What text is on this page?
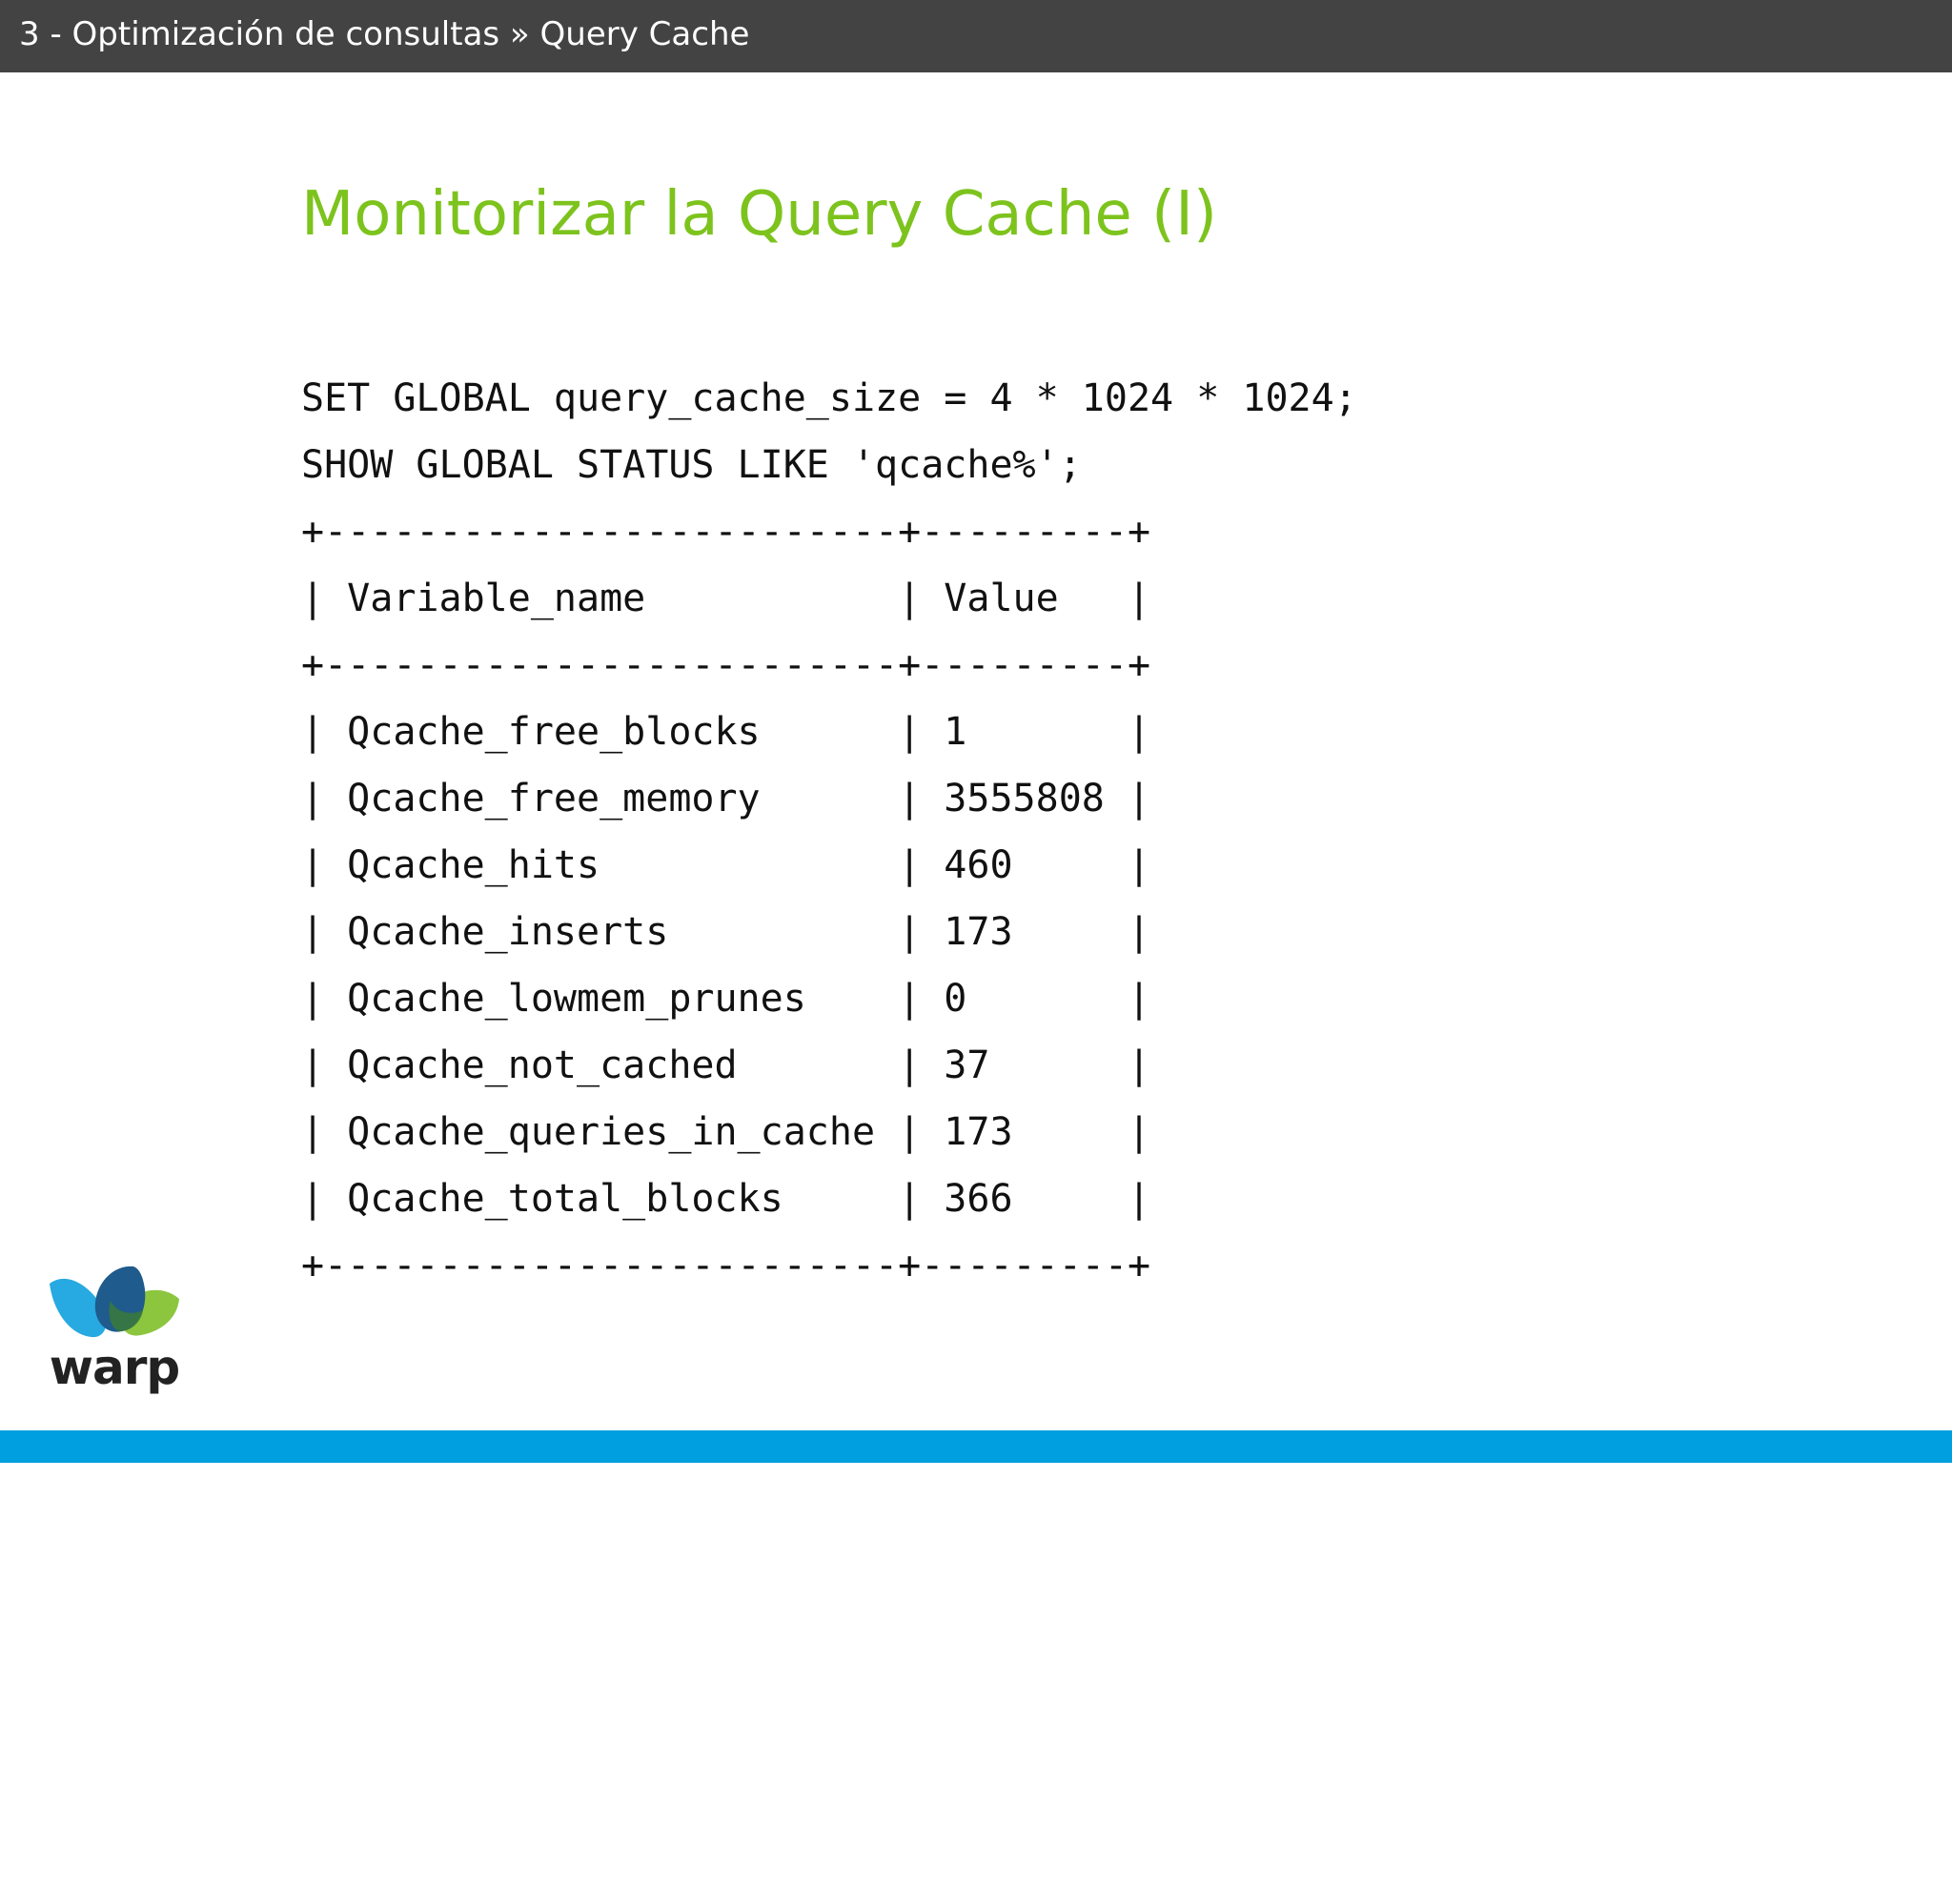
3 - Optimización de consultas » Query Cache
Monitorizar la Query Cache (I)
SET GLOBAL query_cache_size = 4 * 1024 * 1024;
SHOW GLOBAL STATUS LIKE 'qcache%';
+-------------------------+---------+
| Variable_name           | Value   |
+-------------------------+---------+
| Qcache_free_blocks      | 1       |
| Qcache_free_memory      | 3555808 |
| Qcache_hits             | 460     |
| Qcache_inserts          | 173     |
| Qcache_lowmem_prunes    | 0       |
| Qcache_not_cached       | 37      |
| Qcache_queries_in_cache | 173     |
| Qcache_total_blocks     | 366     |
+-------------------------+---------+
warp
